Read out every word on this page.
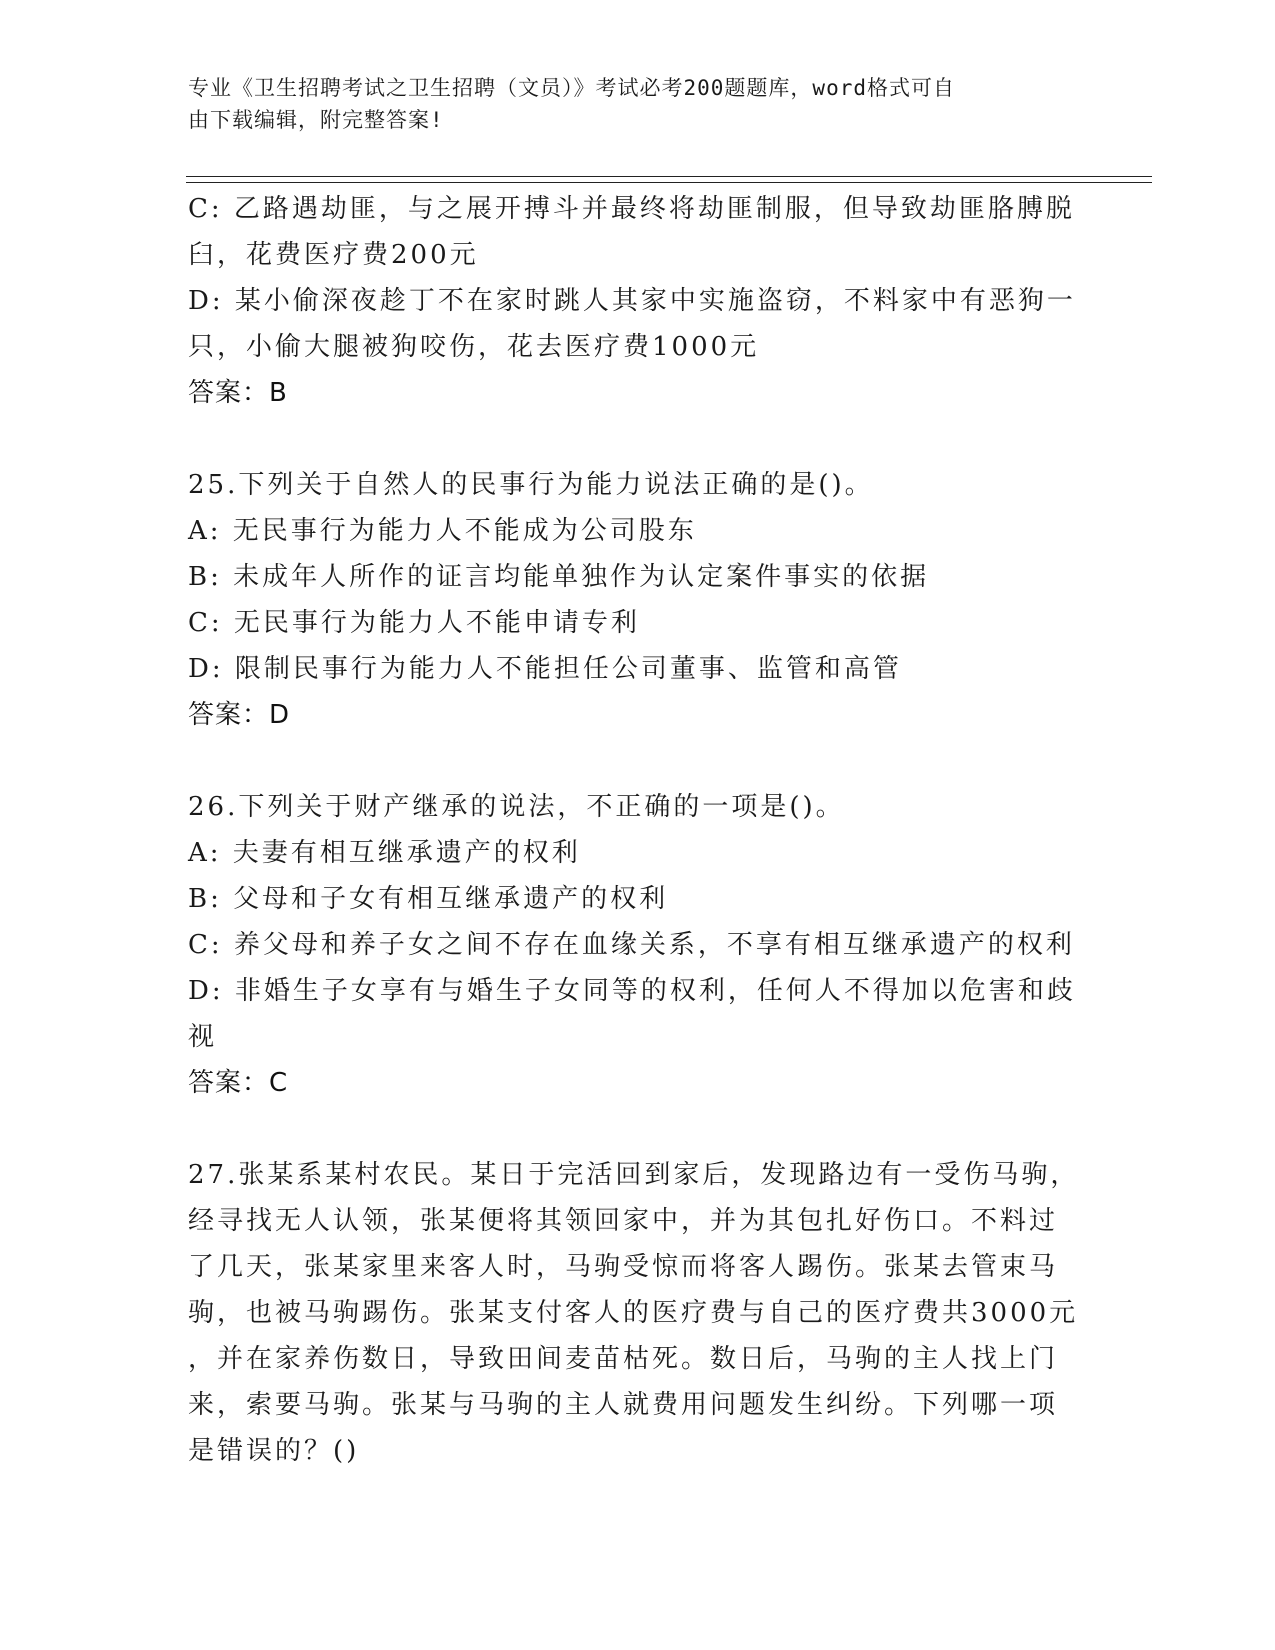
专业《卫生招聘考试之卫生招聘（文员）》考试必考200题题库，word格式可自
由下载编辑，附完整答案!
C: 乙路遇劫匪，与之展开搏斗并最终将劫匪制服，但导致劫匪胳膊脱
臼，花费医疗费200元
D: 某小偷深夜趁丁不在家时跳人其家中实施盗窃，不料家中有恶狗一
只，小偷大腿被狗咬伤，花去医疗费1000元
答案：B
25.下列关于自然人的民事行为能力说法正确的是()。
A: 无民事行为能力人不能成为公司股东
B: 未成年人所作的证言均能单独作为认定案件事实的依据
C: 无民事行为能力人不能申请专利
D: 限制民事行为能力人不能担任公司董事、监管和高管
答案：D
26.下列关于财产继承的说法，不正确的一项是()。
A: 夫妻有相互继承遗产的权利
B: 父母和子女有相互继承遗产的权利
C: 养父母和养子女之间不存在血缘关系，不享有相互继承遗产的权利
D: 非婚生子女享有与婚生子女同等的权利，任何人不得加以危害和歧
视
答案：C
27.张某系某村农民。某日于完活回到家后，发现路边有一受伤马驹，
经寻找无人认领，张某便将其领回家中，并为其包扎好伤口。不料过
了几天，张某家里来客人时，马驹受惊而将客人踢伤。张某去管束马
驹，也被马驹踢伤。张某支付客人的医疗费与自己的医疗费共3000元
，并在家养伤数日，导致田间麦苗枯死。数日后，马驹的主人找上门
来，索要马驹。张某与马驹的主人就费用问题发生纠纷。下列哪一项
是错误的？()
